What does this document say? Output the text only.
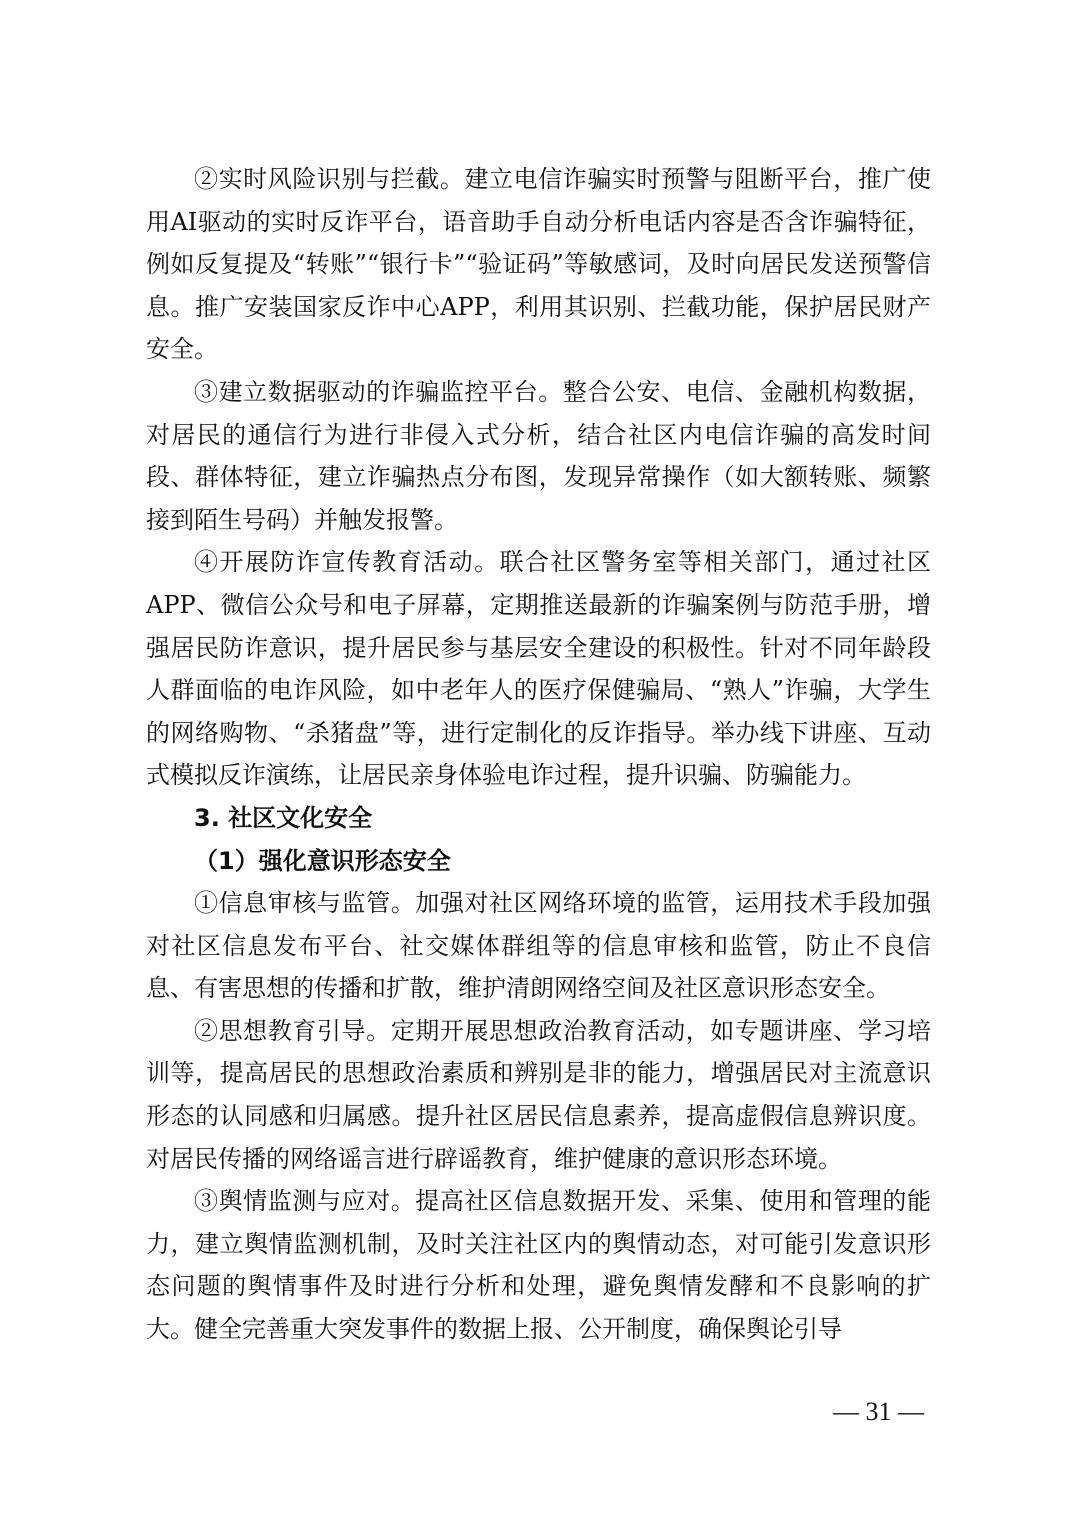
②实时风险识别与拦截。建立电信诈骗实时预警与阻断平台，推广使用AI驱动的实时反诈平台，语音助手自动分析电话内容是否含诈骗特征，例如反复提及“转账”“银行卡”“验证码”等敏感词，及时向居民发送预警信息。推广安装国家反诈中心APP，利用其识别、拦截功能，保护居民财产安全。

③建立数据驱动的诈骗监控平台。整合公安、电信、金融机构数据，对居民的通信行为进行非侵入式分析，结合社区内电信诈骗的高发时间段、群体特征，建立诈骗热点分布图，发现异常操作（如大额转账、频繁接到陌生号码）并触发报警。

④开展防诈宣传教育活动。联合社区警务室等相关部门，通过社区APP、微信公众号和电子屏幕，定期推送最新的诈骗案例与防范手册，增强居民防诈意识，提升居民参与基层安全建设的积极性。针对不同年龄段人群面临的电诈风险，如中老年人的医疗保健骗局、“熟人”诈骗，大学生的网络购物、“杀猪盘”等，进行定制化的反诈指导。举办线下讲座、互动式模拟反诈演练，让居民亲身体验电诈过程，提升识骗、防骗能力。

3. 社区文化安全

（1）强化意识形态安全

①信息审核与监管。加强对社区网络环境的监管，运用技术手段加强对社区信息发布平台、社交媒体群组等的信息审核和监管，防止不良信息、有害思想的传播和扩散，维护清朗网络空间及社区意识形态安全。

②思想教育引导。定期开展思想政治教育活动，如专题讲座、学习培训等，提高居民的思想政治素质和辨别是非的能力，增强居民对主流意识形态的认同感和归属感。提升社区居民信息素养，提高虚假信息辨识度。对居民传播的网络谣言进行辟谣教育，维护健康的意识形态环境。

③舆情监测与应对。提高社区信息数据开发、采集、使用和管理的能力，建立舆情监测机制，及时关注社区内的舆情动态，对可能引发意识形态问题的舆情事件及时进行分析和处理，避免舆情发酵和不良影响的扩大。健全完善重大突发事件的数据上报、公开制度，确保舆论引导

— 31 —
